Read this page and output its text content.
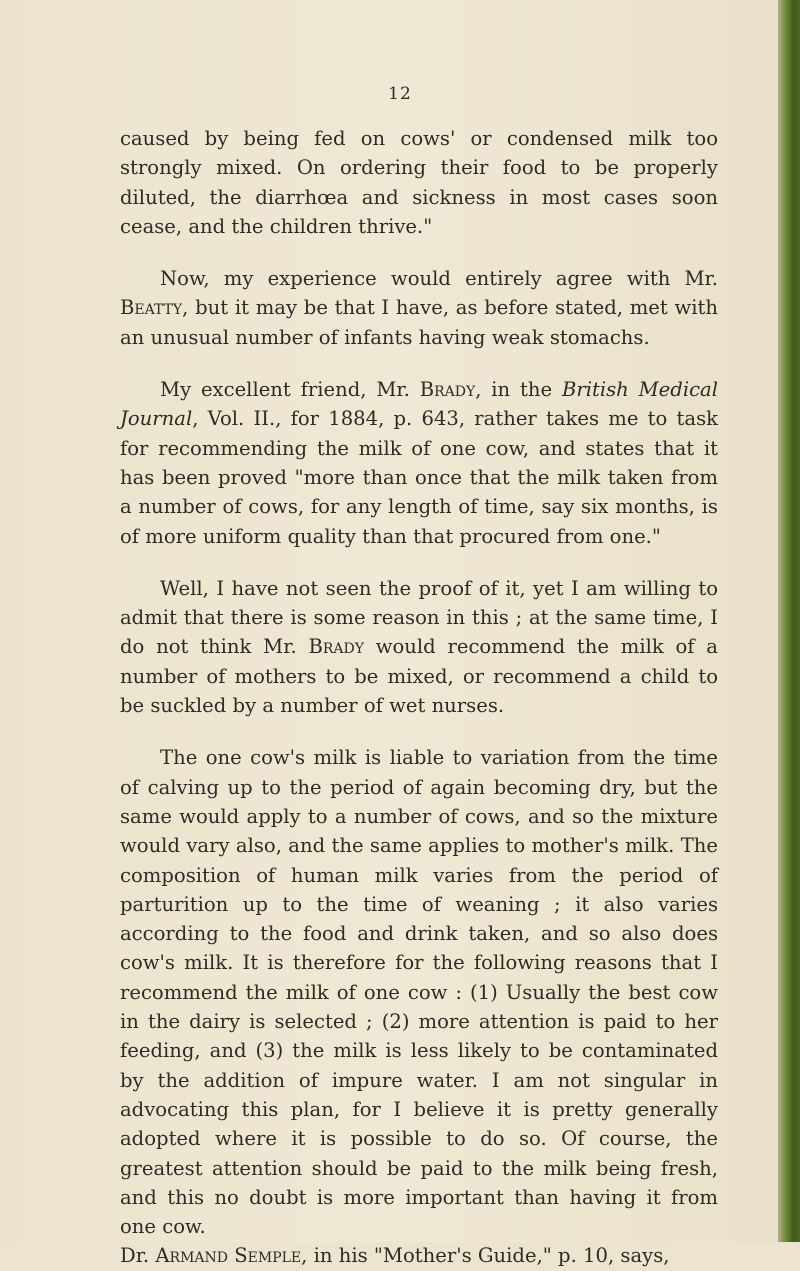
12

caused by being fed on cows' or condensed milk too strongly mixed. On ordering their food to be properly diluted, the diarrhœa and sickness in most cases soon cease, and the children thrive."

Now, my experience would entirely agree with Mr. Beatty, but it may be that I have, as before stated, met with an unusual number of infants having weak stomachs.

My excellent friend, Mr. Brady, in the British Medical Journal, Vol. II., for 1884, p. 643, rather takes me to task for recommending the milk of one cow, and states that it has been proved "more than once that the milk taken from a number of cows, for any length of time, say six months, is of more uniform quality than that procured from one."

Well, I have not seen the proof of it, yet I am willing to admit that there is some reason in this ; at the same time, I do not think Mr. Brady would recommend the milk of a number of mothers to be mixed, or recommend a child to be suckled by a number of wet nurses.

The one cow's milk is liable to variation from the time of calving up to the period of again becoming dry, but the same would apply to a number of cows, and so the mixture would vary also, and the same applies to mother's milk. The composition of human milk varies from the period of parturition up to the time of weaning ; it also varies according to the food and drink taken, and so also does cow's milk. It is therefore for the following reasons that I recommend the milk of one cow : (1) Usually the best cow in the dairy is selected ; (2) more attention is paid to her feeding, and (3) the milk is less likely to be contaminated by the addition of impure water. I am not singular in advocating this plan, for I believe it is pretty generally adopted where it is possible to do so. Of course, the greatest attention should be paid to the milk being fresh, and this no doubt is more important than having it from one cow.
Dr. Armand Semple, in his "Mother's Guide," p. 10, says,
